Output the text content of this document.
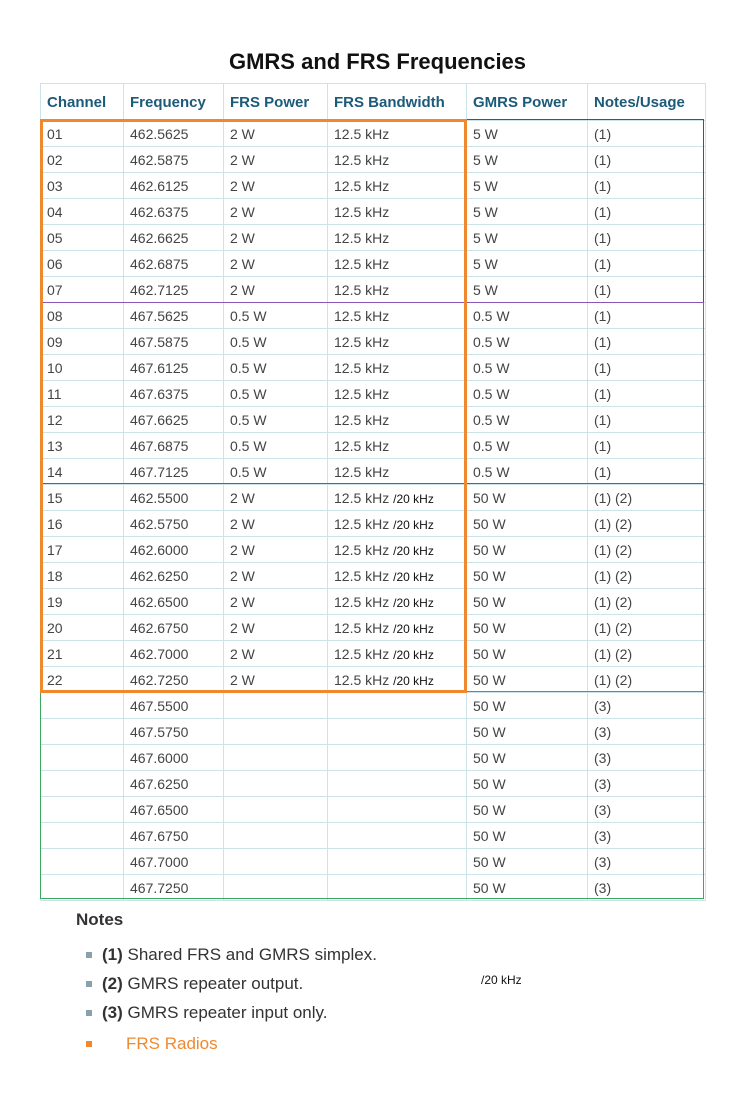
GMRS and FRS Frequencies
Channel	Frequency	FRS Power	FRS Bandwidth	GMRS Power	Notes/Usage
01	462.5625	2 W	12.5 kHz	5 W	(1)
02	462.5875	2 W	12.5 kHz	5 W	(1)
03	462.6125	2 W	12.5 kHz	5 W	(1)
04	462.6375	2 W	12.5 kHz	5 W	(1)
05	462.6625	2 W	12.5 kHz	5 W	(1)
06	462.6875	2 W	12.5 kHz	5 W	(1)
07	462.7125	2 W	12.5 kHz	5 W	(1)
08	467.5625	0.5 W	12.5 kHz	0.5 W	(1)
09	467.5875	0.5 W	12.5 kHz	0.5 W	(1)
10	467.6125	0.5 W	12.5 kHz	0.5 W	(1)
11	467.6375	0.5 W	12.5 kHz	0.5 W	(1)
12	467.6625	0.5 W	12.5 kHz	0.5 W	(1)
13	467.6875	0.5 W	12.5 kHz	0.5 W	(1)
14	467.7125	0.5 W	12.5 kHz	0.5 W	(1)
15	462.5500	2 W	12.5 kHz /20 kHz	50 W	(1) (2)
16	462.5750	2 W	12.5 kHz /20 kHz	50 W	(1) (2)
17	462.6000	2 W	12.5 kHz /20 kHz	50 W	(1) (2)
18	462.6250	2 W	12.5 kHz /20 kHz	50 W	(1) (2)
19	462.6500	2 W	12.5 kHz /20 kHz	50 W	(1) (2)
20	462.6750	2 W	12.5 kHz /20 kHz	50 W	(1) (2)
21	462.7000	2 W	12.5 kHz /20 kHz	50 W	(1) (2)
22	462.7250	2 W	12.5 kHz /20 kHz	50 W	(1) (2)
	467.5500			50 W	(3)
	467.5750			50 W	(3)
	467.6000			50 W	(3)
	467.6250			50 W	(3)
	467.6500			50 W	(3)
	467.6750			50 W	(3)
	467.7000			50 W	(3)
	467.7250			50 W	(3)

Notes

(1) Shared FRS and GMRS simplex.
(2) GMRS repeater output.
(3) GMRS repeater input only.
FRS Radios
/20 kHz
